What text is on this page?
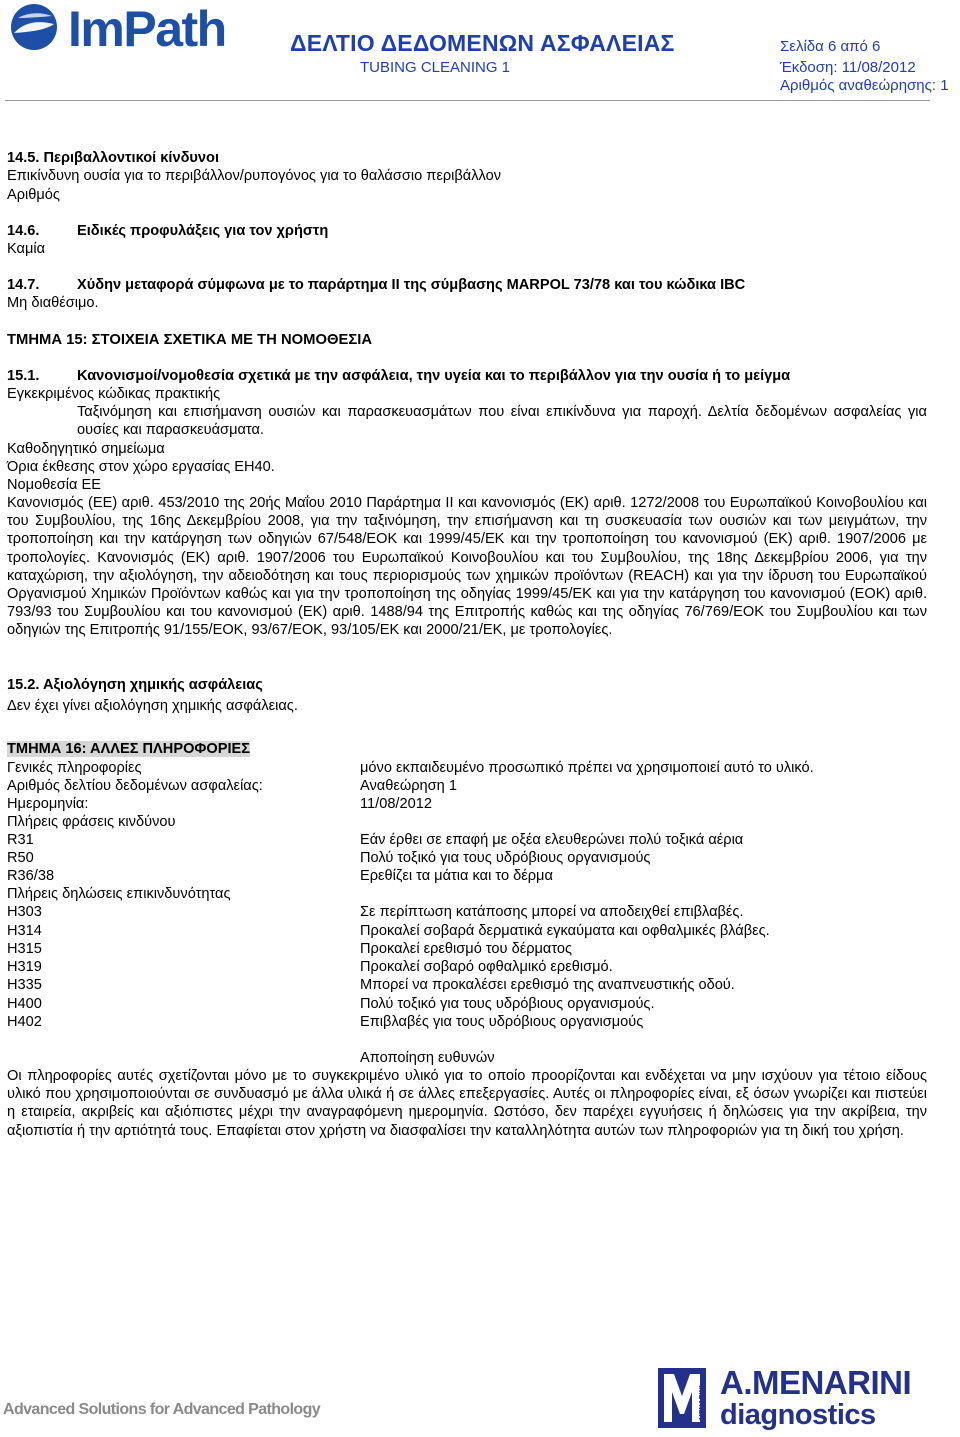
ImPath	ΔΕΛΤΙΟ ΔΕΔΟΜΕΝΩΝ ΑΣΦΑΛΕΙΑΣ
TUBING CLEANING 1
Σελίδα 6 από 6
Έκδοση: 11/08/2012
Αριθμός αναθεώρησης: 1
14.5. Περιβαλλοντικοί κίνδυνοι
Επικίνδυνη ουσία για το περιβάλλον/ρυπογόνος για το θαλάσσιο περιβάλλον
Αριθμός
14.6.	Ειδικές προφυλάξεις για τον χρήστη
Καμία
14.7.	Χύδην μεταφορά σύμφωνα με το παράρτημα II της σύμβασης MARPOL 73/78 και του κώδικα IBC
Μη διαθέσιμο.
ΤΜΗΜΑ 15: ΣΤΟΙΧΕΙΑ ΣΧΕΤΙΚΑ ΜΕ ΤΗ ΝΟΜΟΘΕΣΙΑ
15.1.	Κανονισμοί/νομοθεσία σχετικά με την ασφάλεια, την υγεία και το περιβάλλον για την ουσία ή το μείγμα
Εγκεκριμένος κώδικας πρακτικής
Ταξινόμηση και επισήμανση ουσιών και παρασκευασμάτων που είναι επικίνδυνα για παροχή. Δελτία δεδομένων ασφαλείας για ουσίες και παρασκευάσματα.
Καθοδηγητικό σημείωμα
Όρια έκθεσης στον χώρο εργασίας EH40.
Νομοθεσία ΕΕ
Κανονισμός (ΕΕ) αριθ. 453/2010 της 20ής Μαΐου 2010 Παράρτημα II και κανονισμός (ΕΚ) αριθ. 1272/2008 του Ευρωπαϊκού Κοινοβουλίου και του Συμβουλίου, της 16ης Δεκεμβρίου 2008, για την ταξινόμηση, την επισήμανση και τη συσκευασία των ουσιών και των μειγμάτων, την τροποποίηση και την κατάργηση των οδηγιών 67/548/ΕΟΚ και 1999/45/ΕΚ και την τροποποίηση του κανονισμού (ΕΚ) αριθ. 1907/2006 με τροπολογίες. Κανονισμός (ΕΚ) αριθ. 1907/2006 του Ευρωπαϊκού Κοινοβουλίου και του Συμβουλίου, της 18ης Δεκεμβρίου 2006, για την καταχώριση, την αξιολόγηση, την αδειοδότηση και τους περιορισμούς των χημικών προϊόντων (REACH) και για την ίδρυση του Ευρωπαϊκού Οργανισμού Χημικών Προϊόντων καθώς και για την τροποποίηση της οδηγίας 1999/45/ΕΚ και για την κατάργηση του κανονισμού (ΕΟΚ) αριθ. 793/93 του Συμβουλίου και του κανονισμού (ΕΚ) αριθ. 1488/94 της Επιτροπής καθώς και της οδηγίας 76/769/ΕΟΚ του Συμβουλίου και των οδηγιών της Επιτροπής 91/155/ΕΟΚ, 93/67/ΕΟΚ, 93/105/ΕΚ και 2000/21/ΕΚ, με τροπολογίες.
15.2. Αξιολόγηση χημικής ασφάλειας
Δεν έχει γίνει αξιολόγηση χημικής ασφάλειας.
ΤΜΗΜΑ 16: ΑΛΛΕΣ ΠΛΗΡΟΦΟΡΙΕΣ
Γενικές πληροφορίες	μόνο εκπαιδευμένο προσωπικό πρέπει να χρησιμοποιεί αυτό το υλικό.
Αριθμός δελτίου δεδομένων ασφαλείας:	Αναθεώρηση 1
Ημερομηνία:	11/08/2012
Πλήρεις φράσεις κινδύνου
R31	Εάν έρθει σε επαφή με οξέα ελευθερώνει πολύ τοξικά αέρια
R50	Πολύ τοξικό για τους υδρόβιους οργανισμούς
R36/38	Ερεθίζει τα μάτια και το δέρμα
Πλήρεις δηλώσεις επικινδυνότητας
H303	Σε περίπτωση κατάποσης μπορεί να αποδειχθεί επιβλαβές.
H314	Προκαλεί σοβαρά δερματικά εγκαύματα και οφθαλμικές βλάβες.
H315	Προκαλεί ερεθισμό του δέρματος
H319	Προκαλεί σοβαρό οφθαλμικό ερεθισμό.
H335	Μπορεί να προκαλέσει ερεθισμό της αναπνευστικής οδού.
H400	Πολύ τοξικό για τους υδρόβιους οργανισμούς.
H402	Επιβλαβές για τους υδρόβιους οργανισμούς
Αποποίηση ευθυνών
Οι πληροφορίες αυτές σχετίζονται μόνο με το συγκεκριμένο υλικό για το οποίο προορίζονται και ενδέχεται να μην ισχύουν για τέτοιο είδους υλικό που χρησιμοποιούνται σε συνδυασμό με άλλα υλικά ή σε άλλες επεξεργασίες. Αυτές οι πληροφορίες είναι, εξ όσων γνωρίζει και πιστεύει η εταιρεία, ακριβείς και αξιόπιστες μέχρι την αναγραφόμενη ημερομηνία. Ωστόσο, δεν παρέχει εγγυήσεις ή δηλώσεις για την ακρίβεια, την αξιοπιστία ή την αρτιότητά τους. Επαφίεται στον χρήστη να διασφαλίσει την καταλληλότητα αυτών των πληροφοριών για τη δική του χρήση.
Advanced Solutions for Advanced Pathology	MENARINI
A.MENARINI
diagnostics
